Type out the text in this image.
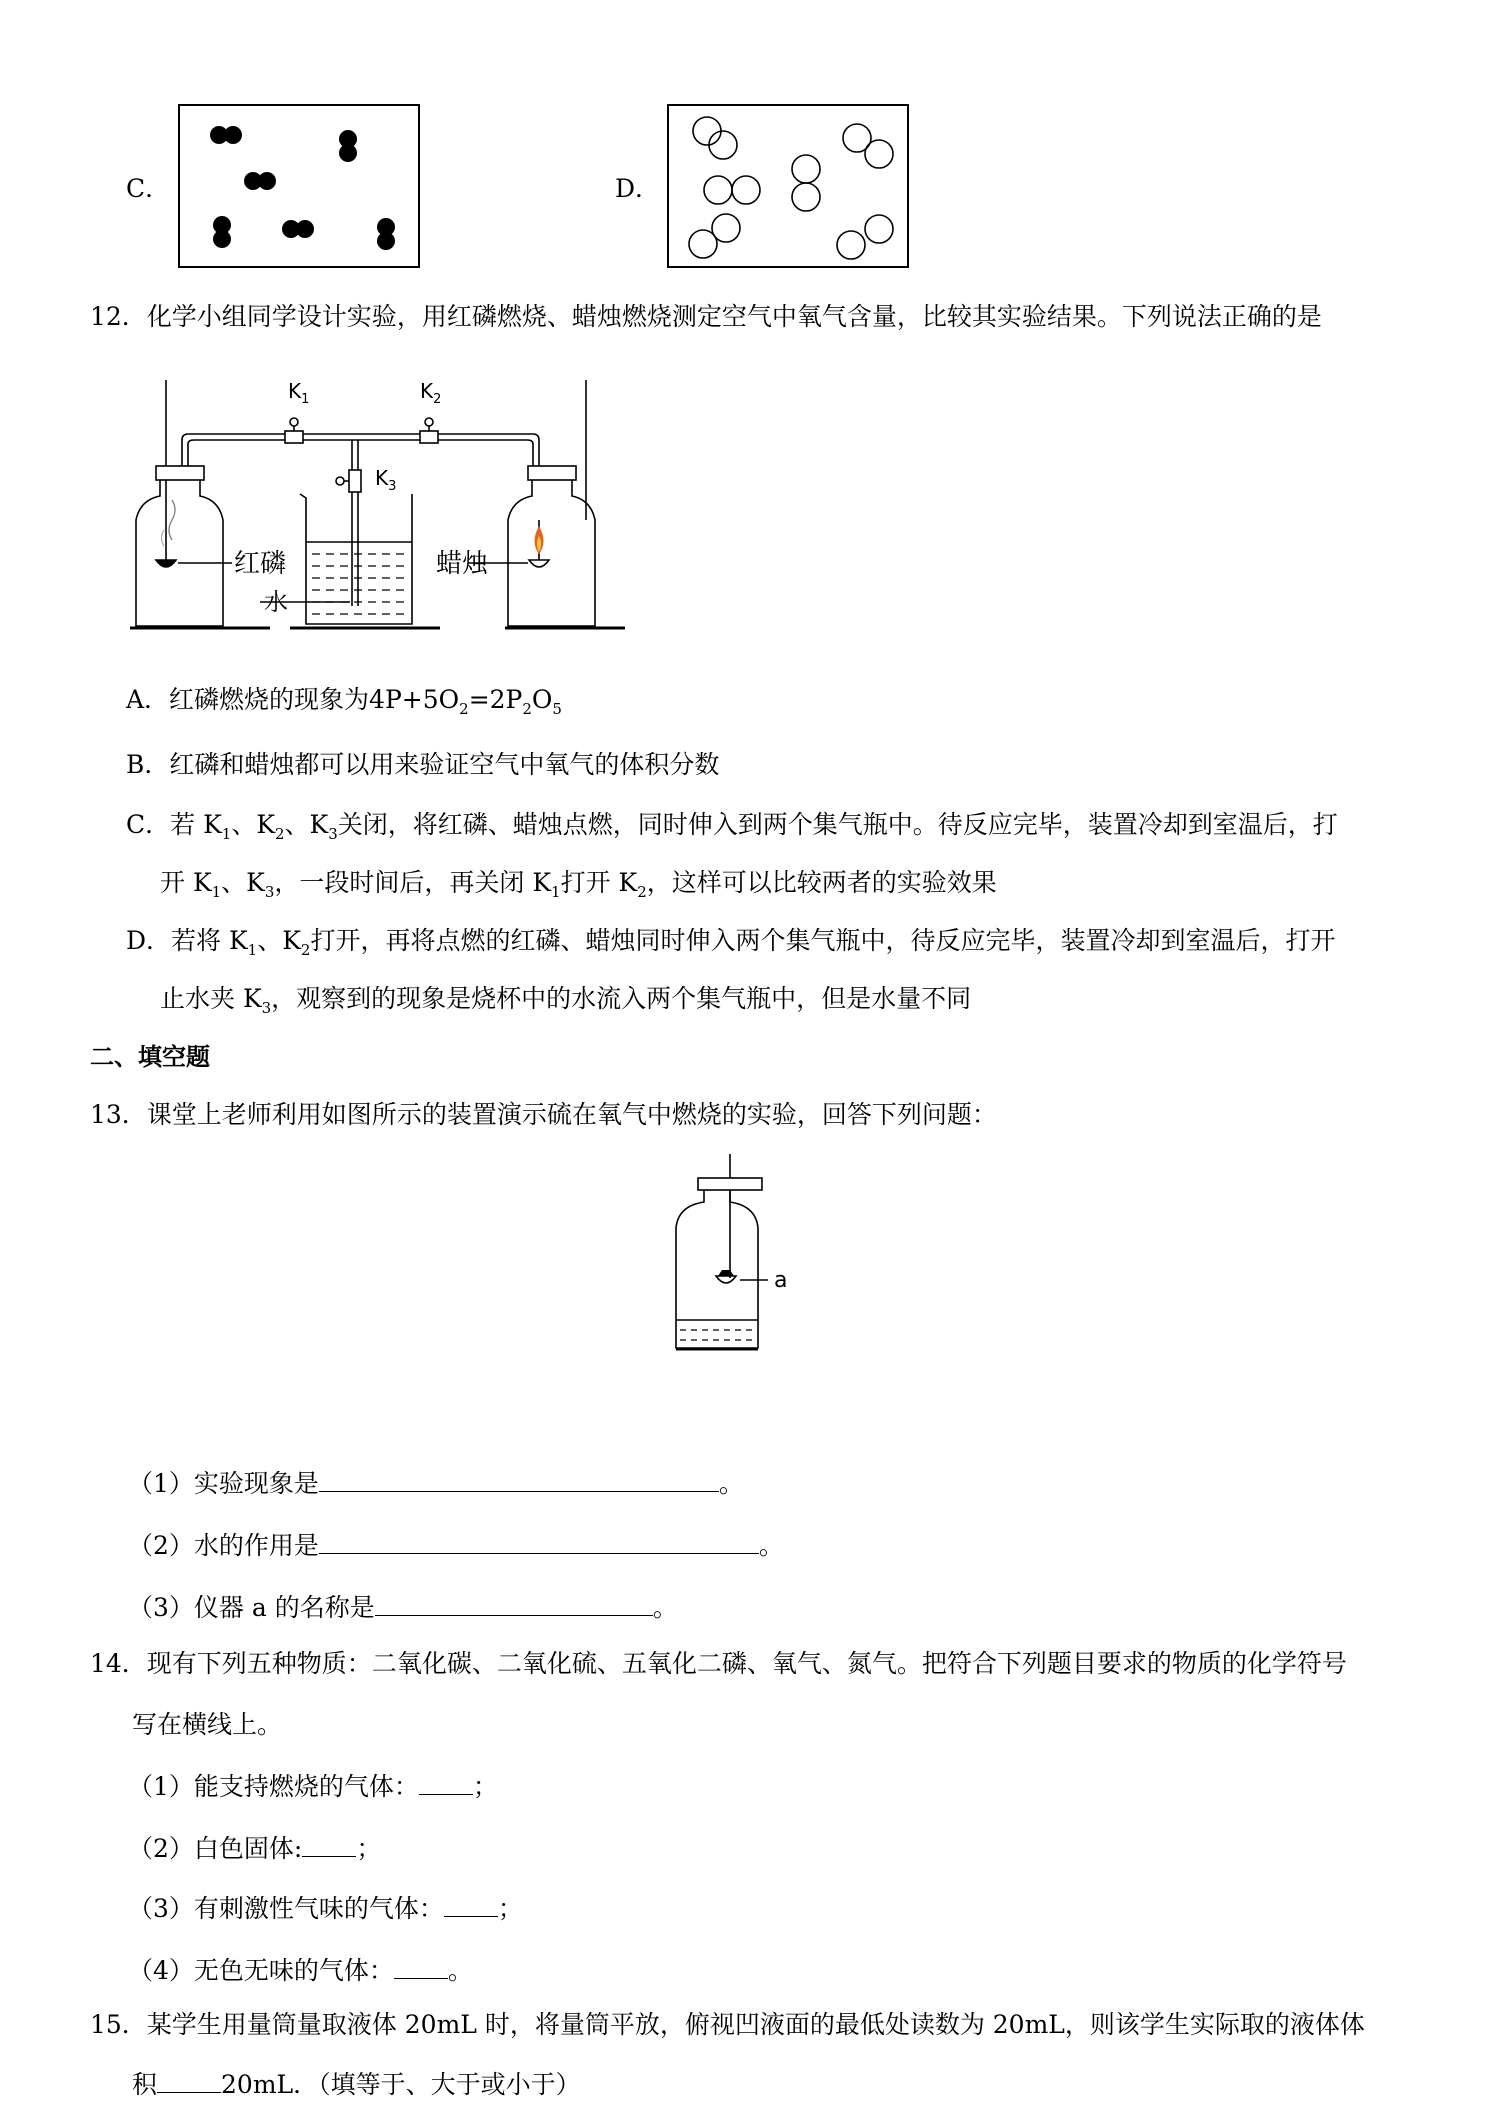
C．	D．
12．化学小组同学设计实验，用红磷燃烧、蜡烛燃烧测定空气中氧气含量，比较其实验结果。下列说法正确的是
$K_1$	$K_2$
$K_3$
红磷	蜡烛
水
A．红磷燃烧的现象为$4P+5O_2=2P_2O_5$
B．红磷和蜡烛都可以用来验证空气中氧气的体积分数
C．若 $K_1$、$K_2$、$K_3$关闭，将红磷、蜡烛点燃，同时伸入到两个集气瓶中。待反应完毕，装置冷却到室温后，打
开 $K_1$、$K_3$，一段时间后，再关闭 $K_1$打开 $K_2$，这样可以比较两者的实验效果
D．若将 $K_1$、$K_2$打开，再将点燃的红磷、蜡烛同时伸入两个集气瓶中，待反应完毕，装置冷却到室温后，打开
止水夹 $K_3$，观察到的现象是烧杯中的水流入两个集气瓶中，但是水量不同
二、填空题
13．课堂上老师利用如图所示的装置演示硫在氧气中燃烧的实验，回答下列问题：
a
（1）实验现象是	。
（2）水的作用是	。
（3）仪器 a 的名称是	。
14．现有下列五种物质：二氧化碳、二氧化硫、五氧化二磷、氧气、氮气。把符合下列题目要求的物质的化学符号
写在横线上。
（1）能支持燃烧的气体： ；
（2）白色固体: ；
（3）有刺激性气味的气体： ；
（4）无色无味的气体： 。
15．某学生用量筒量取液体 20mL 时，将量筒平放，俯视凹液面的最低处读数为 20mL，则该学生实际取的液体体
积	20mL．（填等于、大于或小于）
